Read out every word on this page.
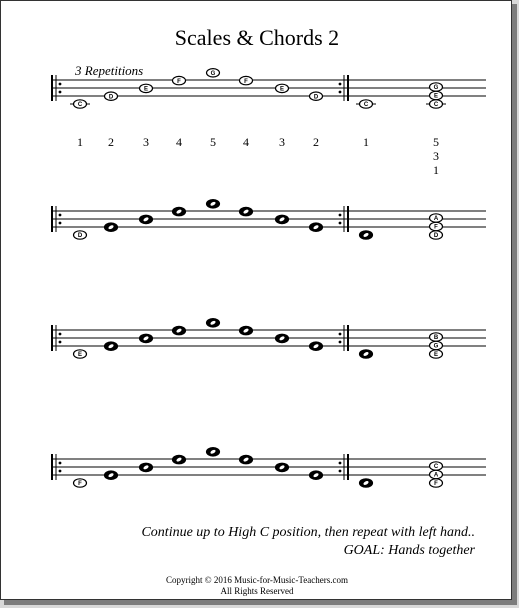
Scales & Chords 2
3 Repetitions
Continue up to High C position, then repeat with left hand..
GOAL: Hands together
Copyright © 2016 Music-for-Music-Teachers.com
All Rights Reserved
C
1
D
2
E
3
F
4
G
5
F
4
E
3
D
2
C
1
G
E
C
5
3
1
D
A
F
D
E
B
G
E
F
C
A
F
